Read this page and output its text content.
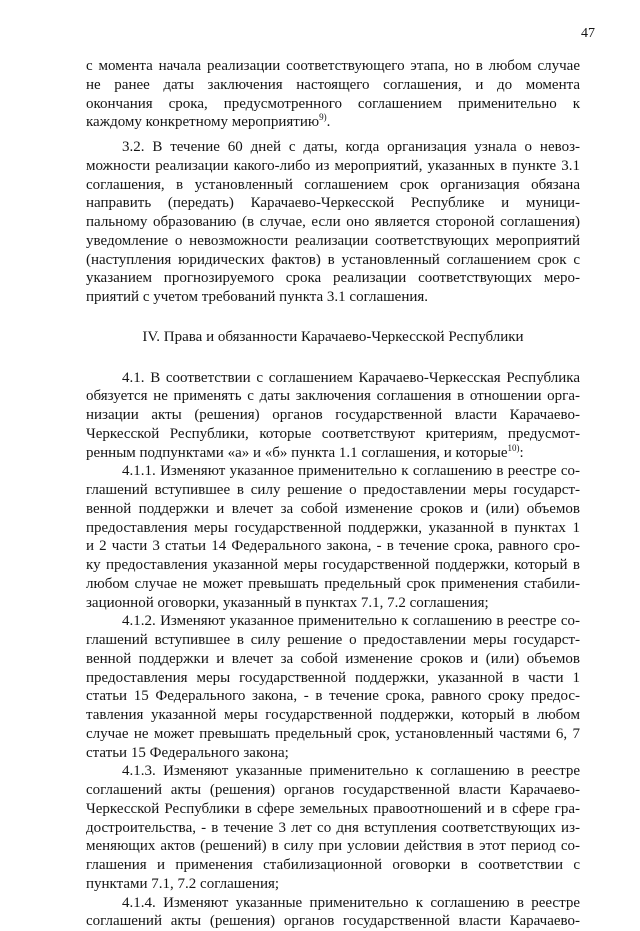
47
с момента начала реализации соответствующего этапа, но в любом случае
не ранее даты заключения настоящего соглашения, и до момента
окончания срока, предусмотренного соглашением применительно к
каждому конкретному мероприятию$^{9)}$.
3.2. В течение 60 дней с даты, когда организация узнала о невоз-
можности реализации какого-либо из мероприятий, указанных в пункте 3.1
соглашения, в установленный соглашением срок организация обязана
направить (передать) Карачаево-Черкесской Республике и муници-
пальному образованию (в случае, если оно является стороной соглашения)
уведомление о невозможности реализации соответствующих мероприятий
(наступления юридических фактов) в установленный соглашением срок с
указанием прогнозируемого срока реализации соответствующих меро-
приятий с учетом требований пункта 3.1 соглашения.
IV. Права и обязанности Карачаево-Черкесской Республики
4.1. В соответствии с соглашением Карачаево-Черкесская Республика
обязуется не применять с даты заключения соглашения в отношении орга-
низации акты (решения) органов государственной власти Карачаево-
Черкесской Республики, которые соответствуют критериям, предусмот-
ренным подпунктами «а» и «б» пункта 1.1 соглашения, и которые$^{10)}$:
4.1.1. Изменяют указанное применительно к соглашению в реестре со-
глашений вступившее в силу решение о предоставлении меры государст-
венной поддержки и влечет за собой изменение сроков и (или) объемов
предоставления меры государственной поддержки, указанной в пунктах 1
и 2 части 3 статьи 14 Федерального закона, - в течение срока, равного сро-
ку предоставления указанной меры государственной поддержки, который в
любом случае не может превышать предельный срок применения стабили-
зационной оговорки, указанный в пунктах 7.1, 7.2 соглашения;
4.1.2. Изменяют указанное применительно к соглашению в реестре со-
глашений вступившее в силу решение о предоставлении меры государст-
венной поддержки и влечет за собой изменение сроков и (или) объемов
предоставления меры государственной поддержки, указанной в части 1
статьи 15 Федерального закона, - в течение срока, равного сроку предос-
тавления указанной меры государственной поддержки, который в любом
случае не может превышать предельный срок, установленный частями 6, 7
статьи 15 Федерального закона;
4.1.3. Изменяют указанные применительно к соглашению в реестре
соглашений акты (решения) органов государственной власти Карачаево-
Черкесской Республики в сфере земельных правоотношений и в сфере гра-
достроительства, - в течение 3 лет со дня вступления соответствующих из-
меняющих актов (решений) в силу при условии действия в этот период со-
глашения и применения стабилизационной оговорки в соответствии с
пунктами 7.1, 7.2 соглашения;
4.1.4. Изменяют указанные применительно к соглашению в реестре
соглашений акты (решения) органов государственной власти Карачаево-
